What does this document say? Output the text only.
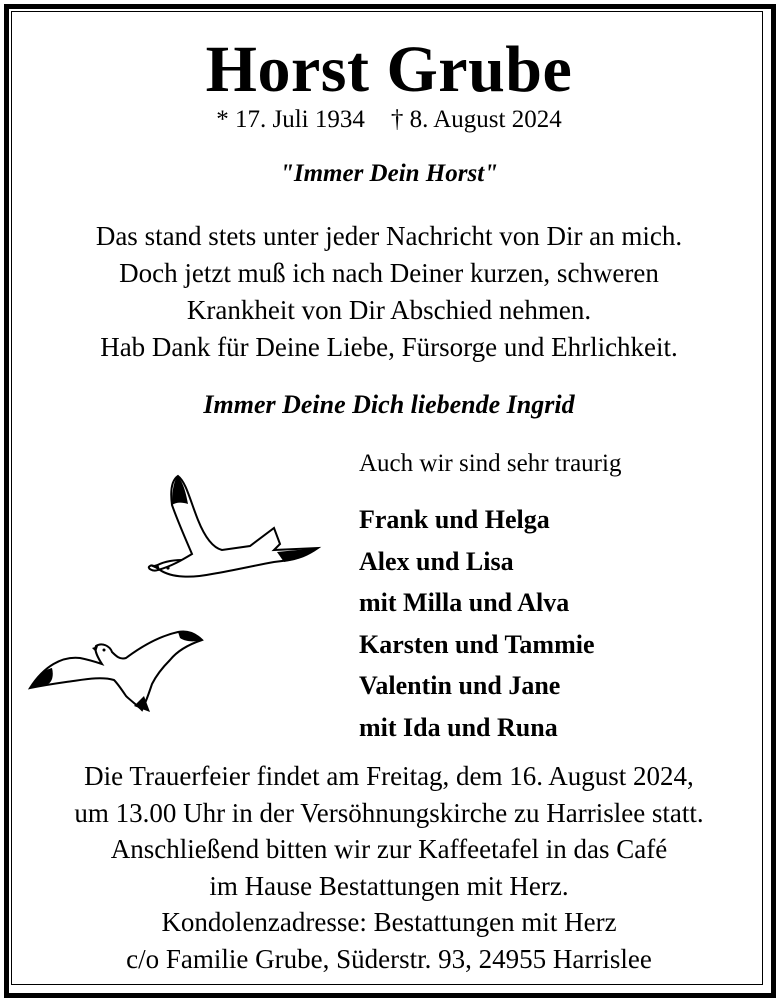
Horst Grube
* 17. Juli 1934 † 8. August 2024
"Immer Dein Horst"
Das stand stets unter jeder Nachricht von Dir an mich.
Doch jetzt muß ich nach Deiner kurzen, schweren
Krankheit von Dir Abschied nehmen.
Hab Dank für Deine Liebe, Fürsorge und Ehrlichkeit.
Immer Deine Dich liebende Ingrid
Auch wir sind sehr traurig
Frank und Helga
Alex und Lisa
mit Milla und Alva
Karsten und Tammie
Valentin und Jane
mit Ida und Runa
Die Trauerfeier findet am Freitag, dem 16. August 2024,
um 13.00 Uhr in der Versöhnungskirche zu Harrislee statt.
Anschließend bitten wir zur Kaffeetafel in das Café
im Hause Bestattungen mit Herz.
Kondolenzadresse: Bestattungen mit Herz
c/o Familie Grube, Süderstr. 93, 24955 Harrislee
